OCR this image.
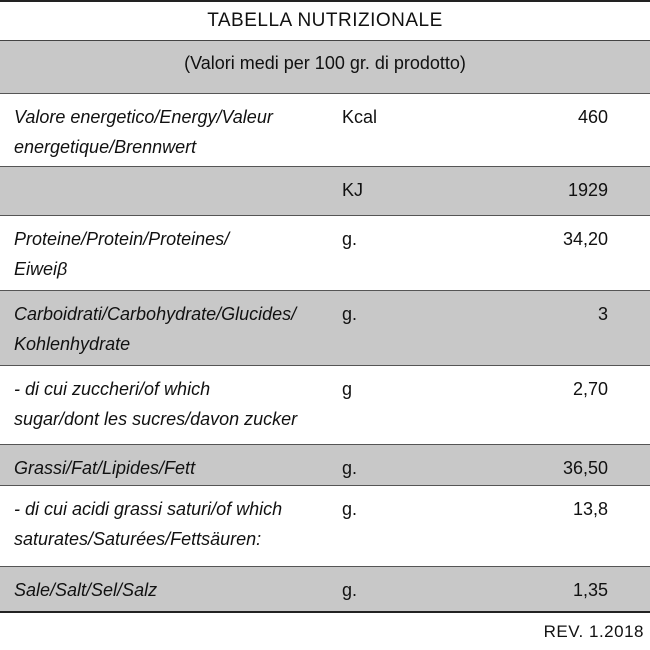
TABELLA NUTRIZIONALE
(Valori medi per 100 gr. di prodotto)
Valore energetico/Energy/Valeur
energetique/Brennwert
Kcal	460
KJ	1929
Proteine/Protein/Proteines/
Eiweiβ
g.	34,20
Carboidrati/Carbohydrate/Glucides/
Kohlenhydrate
g.	3
- di cui zuccheri/of which
sugar/dont les sucres/davon zucker
g	2,70
Grassi/Fat/Lipides/Fett	g.	36,50
- di cui acidi grassi saturi/of which
saturates/Saturées/Fettsäuren:
g.	13,8
Sale/Salt/Sel/Salz	g.	1,35
REV. 1.2018
